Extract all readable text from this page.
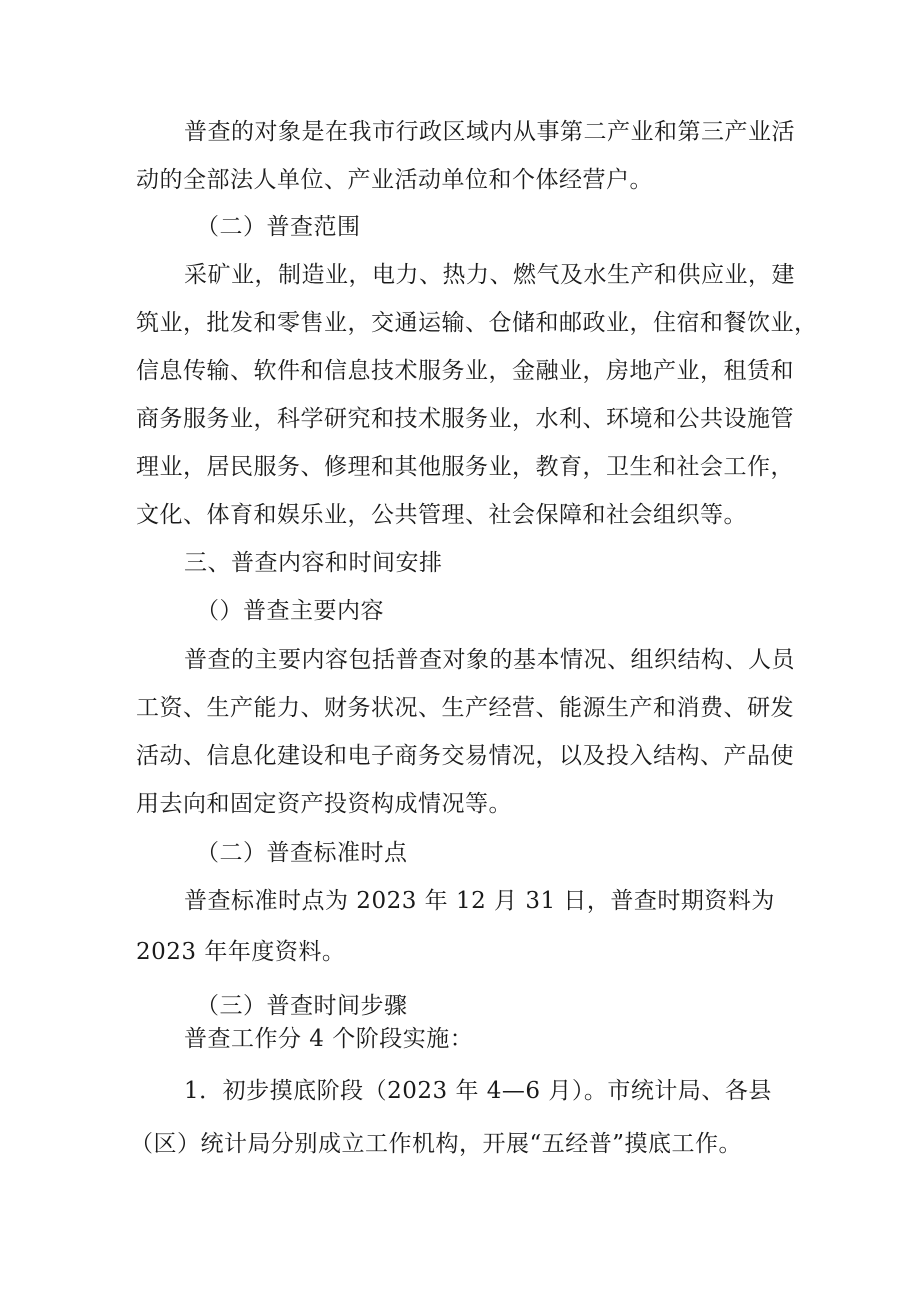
普查的对象是在我市行政区域内从事第二产业和第三产业活
动的全部法人单位、产业活动单位和个体经营户。
（二）普查范围
采矿业，制造业，电力、热力、燃气及水生产和供应业，建
筑业，批发和零售业，交通运输、仓储和邮政业，住宿和餐饮业，
信息传输、软件和信息技术服务业，金融业，房地产业，租赁和
商务服务业，科学研究和技术服务业，水利、环境和公共设施管
理业，居民服务、修理和其他服务业，教育，卫生和社会工作，
文化、体育和娱乐业，公共管理、社会保障和社会组织等。
三、普查内容和时间安排
（）普查主要内容
普查的主要内容包括普查对象的基本情况、组织结构、人员
工资、生产能力、财务状况、生产经营、能源生产和消费、研发
活动、信息化建设和电子商务交易情况，以及投入结构、产品使
用去向和固定资产投资构成情况等。
（二）普查标准时点
普查标准时点为 2023 年 12 月 31 日，普查时期资料为
2023 年年度资料。
（三）普查时间步骤
普查工作分 4 个阶段实施：
1．初步摸底阶段（2023 年 4—6 月）。市统计局、各县
（区）统计局分别成立工作机构，开展“五经普”摸底工作。
